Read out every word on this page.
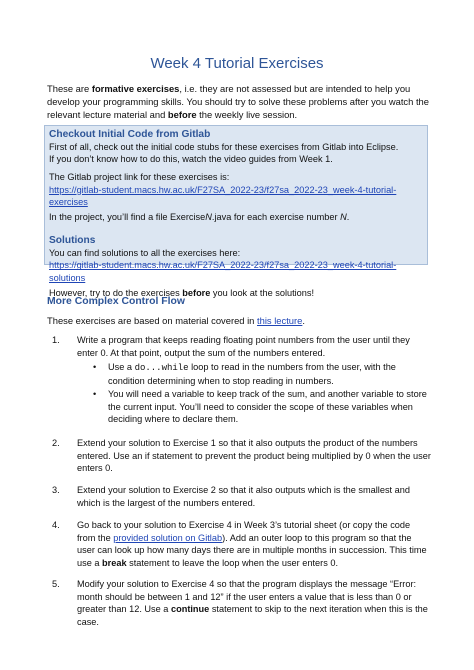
Week 4 Tutorial Exercises
These are formative exercises, i.e. they are not assessed but are intended to help you develop your programming skills. You should try to solve these problems after you watch the relevant lecture material and before the weekly live session.
Checkout Initial Code from Gitlab
First of all, check out the initial code stubs for these exercises from Gitlab into Eclipse.
If you don’t know how to do this, watch the video guides from Week 1.
The Gitlab project link for these exercises is:
https://gitlab-student.macs.hw.ac.uk/F27SA_2022-23/f27sa_2022-23_week-4-tutorial-exercises
In the project, you’ll find a file ExerciseN.java for each exercise number N.
Solutions
You can find solutions to all the exercises here:
https://gitlab-student.macs.hw.ac.uk/F27SA_2022-23/f27sa_2022-23_week-4-tutorial-solutions
However, try to do the exercises before you look at the solutions!
More Complex Control Flow
These exercises are based on material covered in this lecture.
1. Write a program that keeps reading floating point numbers from the user until they enter 0. At that point, output the sum of the numbers entered.
• Use a do...while loop to read in the numbers from the user, with the condition determining when to stop reading in numbers.
• You will need a variable to keep track of the sum, and another variable to store the current input. You’ll need to consider the scope of these variables when deciding where to declare them.
2. Extend your solution to Exercise 1 so that it also outputs the product of the numbers entered. Use an if statement to prevent the product being multiplied by 0 when the user enters 0.
3. Extend your solution to Exercise 2 so that it also outputs which is the smallest and which is the largest of the numbers entered.
4. Go back to your solution to Exercise 4 in Week 3’s tutorial sheet (or copy the code from the provided solution on Gitlab). Add an outer loop to this program so that the user can look up how many days there are in multiple months in succession. This time use a break statement to leave the loop when the user enters 0.
5. Modify your solution to Exercise 4 so that the program displays the message “Error: month should be between 1 and 12” if the user enters a value that is less than 0 or greater than 12. Use a continue statement to skip to the next iteration when this is the case.
